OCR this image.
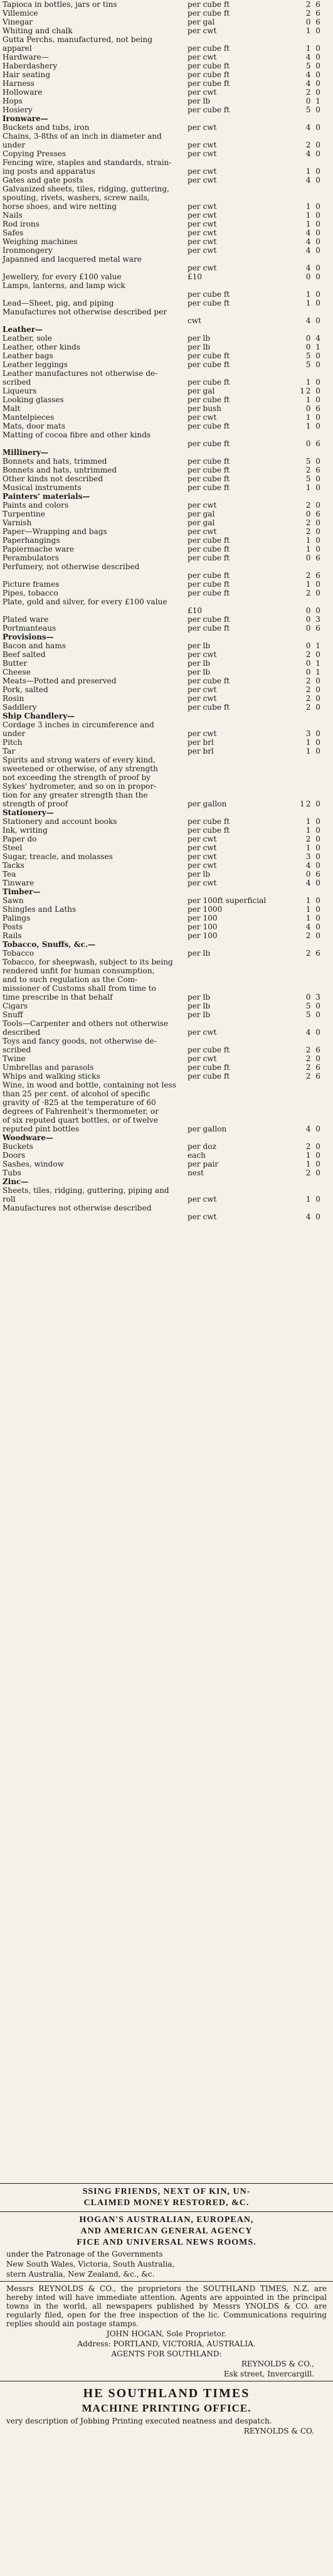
Tapioca in bottles, jars or tins	per cube ft	2 6
Villemice	per cube ft	2 6
Vinegar	per gal	0 6
Whiting and chalk	per cwt	1 0
Gutta Perchs, manufactured, not being
apparel	per cube ft	1 0
Hardware—	per cwt	4 0
Haberdashery	per cube ft	5 0
Hair seating	per cube ft	4 0
Harness	per cube ft	4 0
Holloware	per cwt	2 0
Hops	per lb	0 1
Hosiery	per cube ft	5 0
Ironware—
Buckets and tubs, iron	per cwt	4 0
Chains, 3-8ths of an inch in diameter and
under	per cwt	2 0
Copying Presses	per cwt	4 0
Fencing wire, staples and standards, strain-
ing posts and apparatus	per cwt	1 0
Gates and gate posts	per cwt	4 0
Galvanized sheets, tiles, ridging, guttering,
spouting, rivets, washers, screw nails,
horse shoes, and wire netting	per cwt	1 0
Nails	per cwt	1 0
Rod irons	per cwt	1 0
Safes	per cwt	4 0
Weighing machines	per cwt	4 0
Ironmongery	per cwt	4 0
Japanned and lacquered metal ware
per cwt	4 0
Jewellery, for every £100 value	£10	0 0
Lamps, lanterns, and lamp wick
per cube ft	1 0
Lead—Sheet, pig, and piping	per cube ft	1 0
Manufactures not otherwise described per
cwt	4 0
Leather—
Leather, sole	per lb	0 4
Leather, other kinds	per lb	0 1
Leather bags	per cube ft	5 0
Leather leggings	per cube ft	5 0
Leather manufactures not otherwise de-
scribed	per cube ft	1 0
Liqueurs	per gal	12 0
Looking glasses	per cube ft	1 0
Malt	per bush	0 6
Mantelpieces	per cwt	1 0
Mats, door mats	per cube ft	1 0
Matting of cocoa fibre and other kinds
per cube ft	0 6
Millinery—
Bonnets and hats, trimmed	per cube ft	5 0
Bonnets and hats, untrimmed	per cube ft	2 6
Other kinds not described	per cube ft	5 0
Musical instruments	per cube ft	1 0
Painters' materials—
Paints and colors	per cwt	2 0
Turpentine	per gal	0 6
Varnish	per gal	2 0
Paper—Wrapping and bags	per cwt	2 0
Paperhangings	per cube ft	1 0
Papiermache ware	per cube ft	1 0
Perambulators	per cube ft	0 6
Perfumery, not otherwise described
per cube ft	2 6
Picture frames	per cube ft	1 0
Pipes, tobacco	per cube ft	2 0
Plate, gold and silver, for every £100 value
£10	0 0
Plated ware	per cube ft	0 3
Portmanteaus	per cube ft	0 6
Provisions—
Bacon and hams	per lb	0 1
Beef salted	per cwt	2 0
Butter	per lb	0 1
Cheese	per lb	0 1
Meats—Potted and preserved	per cube ft	2 0
Pork, salted	per cwt	2 0
Rosin	per cwt	2 0
Saddlery	per cube ft	2 0
Ship Chandlery—
Cordage 3 inches in circumference and
under	per cwt	3 0
Pitch	per brl	1 0
Tar	per brl	1 0
Spirits and strong waters of every kind,
sweetened or otherwise, of any strength
not exceeding the strength of proof by
Sykes' hydrometer, and so on in propor-
tion for any greater strength than the
strength of proof	per gallon	12 0
Stationery—
Stationery and account books	per cube ft	1 0
Ink, writing	per cube ft	1 0
Paper do	per cwt	2 0
Steel	per cwt	1 0
Sugar, treacle, and molasses	per cwt	3 0
Tacks	per cwt	4 0
Tea	per lb	0 6
Tinware	per cwt	4 0
Timber—
Sawn	per 100ft superficial	1 0
Shingles and Laths	per 1000	1 0
Palings	per 100	1 0
Posts	per 100	4 0
Rails	per 100	2 0
Tobacco, Snuffs, &c.—
Tobacco	per lb	2 6
Tobacco, for sheepwash, subject to its being
rendered unfit for human consumption,
and to such regulation as the Com-
missioner of Customs shall from time to
time prescribe in that behalf	per lb	0 3
Cigars	per lb	5 0
Snuff	per lb	5 0
Tools—Carpenter and others not otherwise
described	per cwt	4 0
Toys and fancy goods, not otherwise de-
scribed	per cube ft	2 6
Twine	per cwt	2 0
Umbrellas and parasols	per cube ft	2 6
Whips and walking sticks	per cube ft	2 6
Wine, in wood and bottle, containing not less
than 25 per cent. of alcohol of specific
gravity of ·825 at the temperature of 60
degrees of Fahrenheit's thermometer, or
of six reputed quart bottles, or of twelve
reputed pint bottles	per gallon	4 0
Woodware—
Buckets	per doz	2 0
Doors	each	1 0
Sashes, window	per pair	1 0
Tubs	nest	2 0
Zinc—
Sheets, tiles, ridging, guttering, piping and
roll	per cwt	1 0
Manufactures not otherwise described
per cwt	4 0

SSING FRIENDS, NEXT OF KIN, UN-

CLAIMED MONEY RESTORED, &C.

HOGAN'S AUSTRALIAN, EUROPEAN,

AND AMERICAN GENERAL AGENCY

FICE AND UNIVERSAL NEWS ROOMS.

under the Patronage of the Governments

New South Wales, Victoria, South Australia,

stern Australia, New Zealand, &c., &c.

Messrs REYNOLDS & CO., the proprietors the SOUTHLAND TIMES, N.Z. are hereby inted will have immediate attention. Agents are appointed in the principal towns in the world, all newspapers published by Messrs YNOLDS & CO. are regularly filed, open for the free inspection of the lic. Communications requiring replies should ain postage stamps.

JOHN HOGAN, Sole Proprietor.

Address: PORTLAND, VICTORIA, AUSTRALIA.

AGENTS FOR SOUTHLAND:

REYNOLDS & CO.,

Esk street, Invercargill.

HE SOUTHLAND TIMES

MACHINE PRINTING OFFICE.

very description of Jobbing Printing executed neatness and despatch.

REYNOLDS & CO.
